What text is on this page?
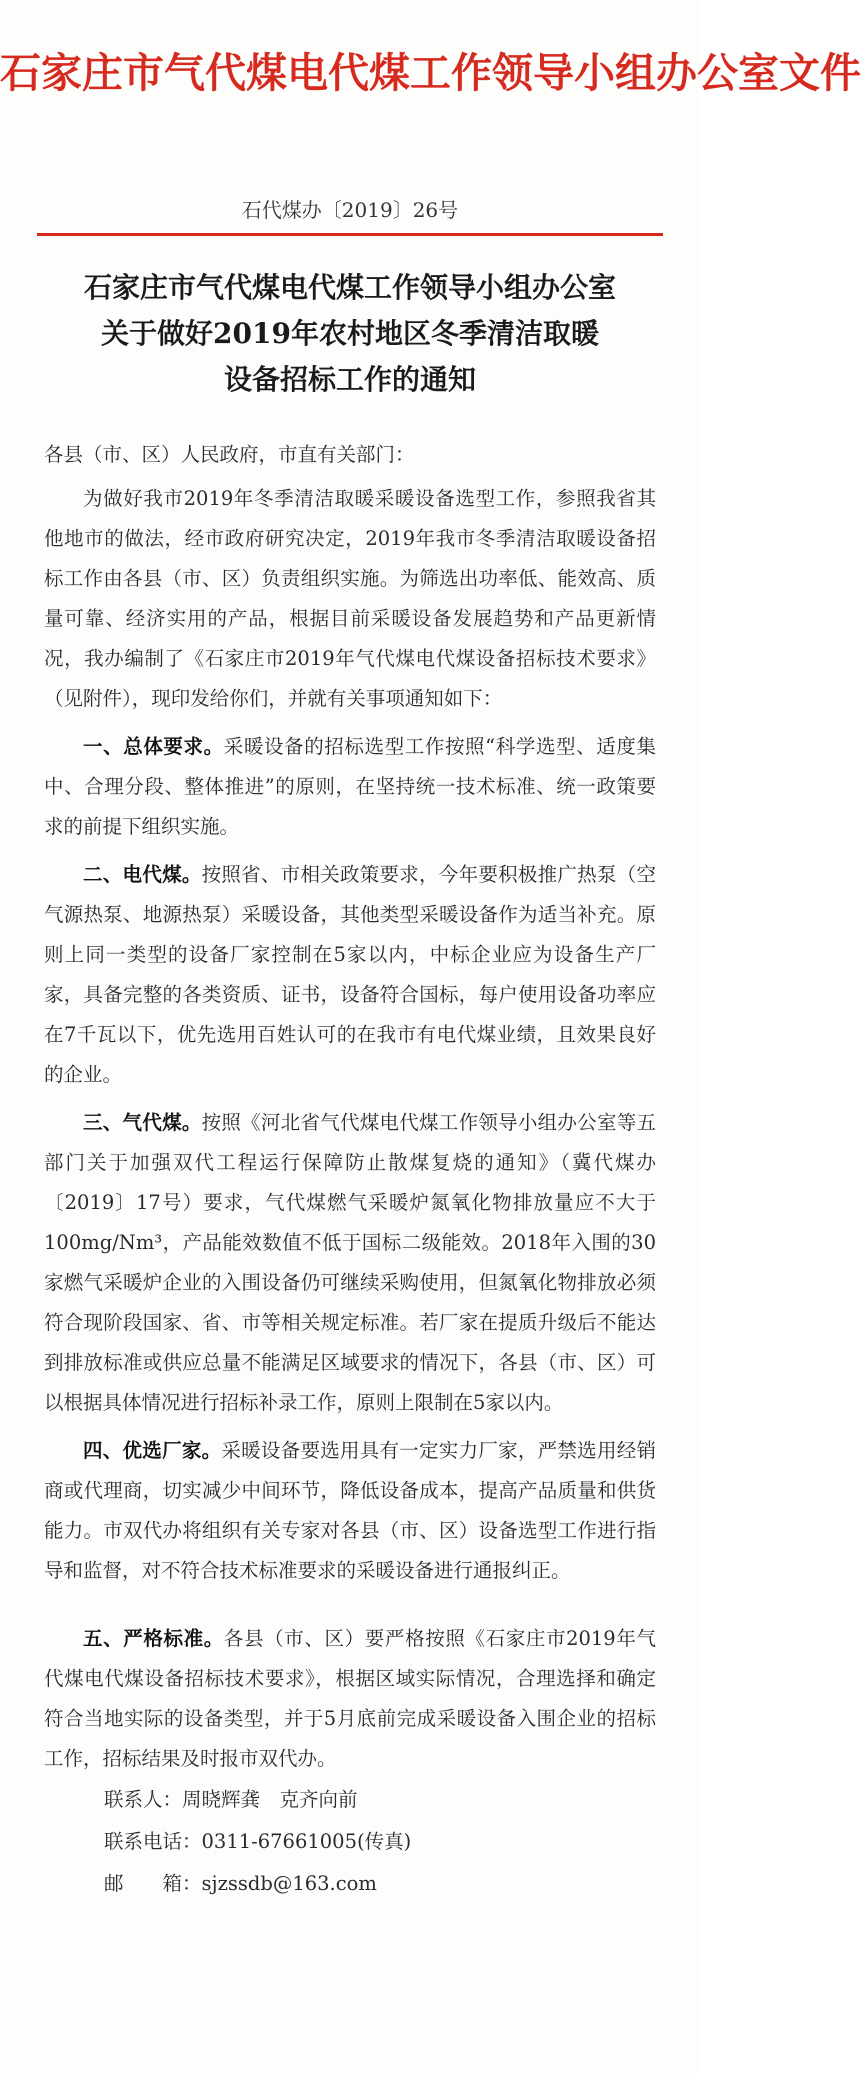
石家庄市气代煤电代煤工作领导小组办公室文件
石代煤办〔2019〕26号
石家庄市气代煤电代煤工作领导小组办公室
关于做好2019年农村地区冬季清洁取暖
设备招标工作的通知

各县（市、区）人民政府，市直有关部门：

为做好我市2019年冬季清洁取暖采暖设备选型工作，参照我省其他地市的做法，经市政府研究决定，2019年我市冬季清洁取暖设备招标工作由各县（市、区）负责组织实施。为筛选出功率低、能效高、质量可靠、经济实用的产品，根据目前采暖设备发展趋势和产品更新情况，我办编制了《石家庄市2019年气代煤电代煤设备招标技术要求》（见附件），现印发给你们，并就有关事项通知如下：

一、总体要求。采暖设备的招标选型工作按照“科学选型、适度集中、合理分段、整体推进”的原则，在坚持统一技术标准、统一政策要求的前提下组织实施。

二、电代煤。按照省、市相关政策要求，今年要积极推广热泵（空气源热泵、地源热泵）采暖设备，其他类型采暖设备作为适当补充。原则上同一类型的设备厂家控制在5家以内，中标企业应为设备生产厂家，具备完整的各类资质、证书，设备符合国标，每户使用设备功率应在7千瓦以下，优先选用百姓认可的在我市有电代煤业绩，且效果良好的企业。

三、气代煤。按照《河北省气代煤电代煤工作领导小组办公室等五部门关于加强双代工程运行保障防止散煤复烧的通知》（冀代煤办〔2019〕17号）要求，气代煤燃气采暖炉氮氧化物排放量应不大于100mg/Nm³，产品能效数值不低于国标二级能效。2018年入围的30家燃气采暖炉企业的入围设备仍可继续采购使用，但氮氧化物排放必须符合现阶段国家、省、市等相关规定标准。若厂家在提质升级后不能达到排放标准或供应总量不能满足区域要求的情况下，各县（市、区）可以根据具体情况进行招标补录工作，原则上限制在5家以内。

四、优选厂家。采暖设备要选用具有一定实力厂家，严禁选用经销商或代理商，切实减少中间环节，降低设备成本，提高产品质量和供货能力。市双代办将组织有关专家对各县（市、区）设备选型工作进行指导和监督，对不符合技术标准要求的采暖设备进行通报纠正。

五、严格标准。各县（市、区）要严格按照《石家庄市2019年气代煤电代煤设备招标技术要求》，根据区域实际情况，合理选择和确定符合当地实际的设备类型，并于5月底前完成采暖设备入围企业的招标工作，招标结果及时报市双代办。

联系人：周晓辉龚　克齐向前

联系电话：0311-67661005(传真)

邮　　箱：sjzssdb@163.com
